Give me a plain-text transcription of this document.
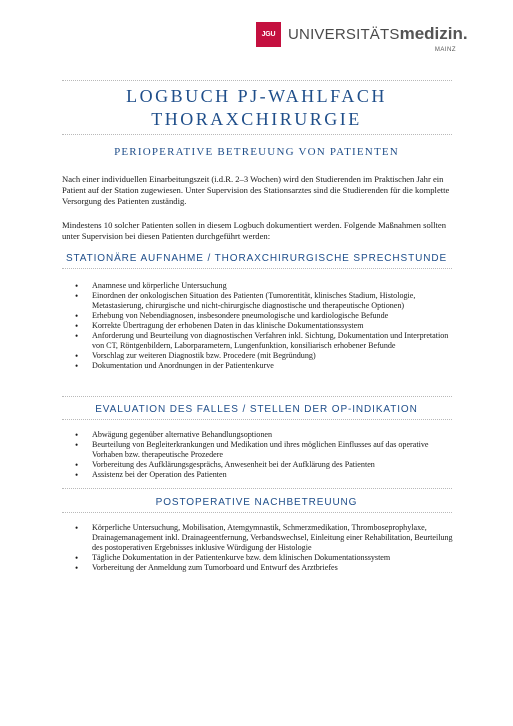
JGU UNIVERSITÄTSmedizin.
MAINZ
LOGBUCH PJ-WAHLFACH
THORAXCHIRURGIE
PERIOPERATIVE BETREUUNG VON PATIENTEN

Nach einer individuellen Einarbeitungszeit (i.d.R. 2–3 Wochen) wird den Studierenden im Praktischen Jahr ein Patient auf der Station zugewiesen. Unter Supervision des Stationsarztes sind die Studierenden für die komplette Versorgung des Patienten zuständig.

Mindestens 10 solcher Patienten sollen in diesem Logbuch dokumentiert werden. Folgende Maßnahmen sollten unter Supervision bei diesen Patienten durchgeführt werden:

STATIONÄRE AUFNAHME / THORAXCHIRURGISCHE SPRECHSTUNDE
• Anamnese und körperliche Untersuchung
• Einordnen der onkologischen Situation des Patienten (Tumorentität, klinisches Stadium, Histologie, Metastasierung, chirurgische und nicht-chirurgische diagnostische und therapeutische Optionen)
• Erhebung von Nebendiagnosen, insbesondere pneumologische und kardiologische Befunde
• Korrekte Übertragung der erhobenen Daten in das klinische Dokumentationssystem
• Anforderung und Beurteilung von diagnostischen Verfahren inkl. Sichtung, Dokumentation und Interpretation von CT, Röntgenbildern, Laborparametern, Lungenfunktion, konsiliarisch erhobener Befunde
• Vorschlag zur weiteren Diagnostik bzw. Procedere (mit Begründung)
• Dokumentation und Anordnungen in der Patientenkurve
EVALUATION DES FALLES / STELLEN DER OP-INDIKATION
• Abwägung gegenüber alternative Behandlungsoptionen
• Beurteilung von Begleiterkrankungen und Medikation und ihres möglichen Einflusses auf das operative Vorhaben bzw. therapeutische Prozedere
• Vorbereitung des Aufklärungsgesprächs, Anwesenheit bei der Aufklärung des Patienten
• Assistenz bei der Operation des Patienten
POSTOPERATIVE NACHBETREUUNG
• Körperliche Untersuchung, Mobilisation, Atemgymnastik, Schmerzmedikation, Thromboseprophylaxe, Drainagemanagement inkl. Drainageentfernung, Verbandswechsel, Einleitung einer Rehabilitation, Beurteilung des postoperativen Ergebnisses inklusive Würdigung der Histologie
• Tägliche Dokumentation in der Patientenkurve bzw. dem klinischen Dokumentationssystem
• Vorbereitung der Anmeldung zum Tumorboard und Entwurf des Arztbriefes
